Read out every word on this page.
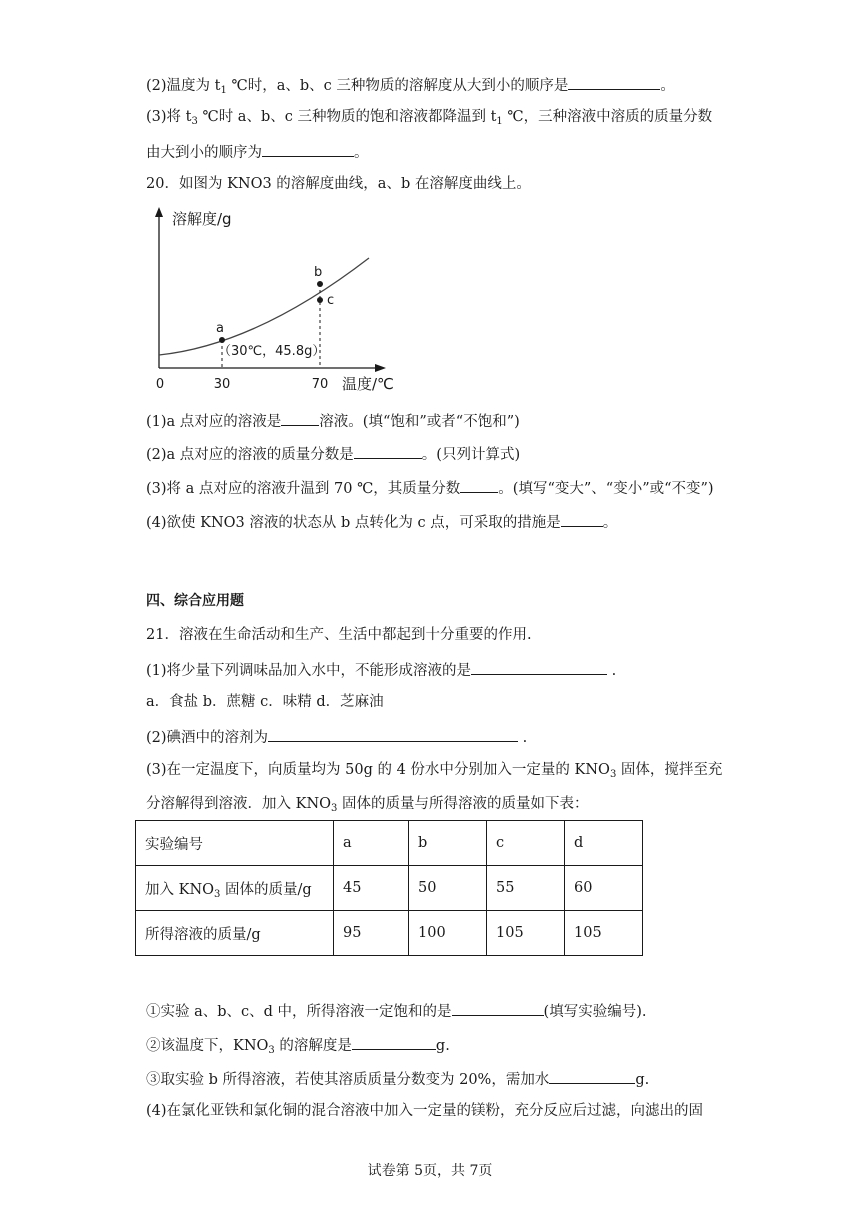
(2)温度为 $t_1$ ℃时，a、b、c 三种物质的溶解度从大到小的顺序是	。
(3)将 $t_3$ ℃时 a、b、c 三种物质的饱和溶液都降温到 $t_1$ ℃，三种溶液中溶质的质量分数
由大到小的顺序为	。
20．如图为 KNO3 的溶解度曲线，a、b 在溶解度曲线上。
溶解度/g
温度/℃
0	30	70
a
b
c
（30℃，45.8g）
(1)a 点对应的溶液是	溶液。(填“饱和”或者“不饱和”)
(2)a 点对应的溶液的质量分数是	。(只列计算式)
(3)将 a 点对应的溶液升温到 70 ℃，其质量分数	。(填写“变大”、“变小”或“不变”)
(4)欲使 KNO3 溶液的状态从 b 点转化为 c 点，可采取的措施是	。
四、综合应用题
21．溶液在生命活动和生产、生活中都起到十分重要的作用.
(1)将少量下列调味品加入水中，不能形成溶液的是	.
a．食盐 b．蔗糖 c．味精 d．芝麻油
(2)碘酒中的溶剂为	.
(3)在一定温度下，向质量均为 50g 的 4 份水中分别加入一定量的 $KNO_3$ 固体，搅拌至充
分溶解得到溶液．加入 $KNO_3$ 固体的质量与所得溶液的质量如下表：
实验编号	a	b	c	d
加入 $KNO_3$ 固体的质量/g	45	50	55	60
所得溶液的质量/g	95	100	105	105
①实验 a、b、c、d 中，所得溶液一定饱和的是	(填写实验编号).
②该温度下，$KNO_3$ 的溶解度是	g.
③取实验 b 所得溶液，若使其溶质质量分数变为 20%，需加水	g.
(4)在氯化亚铁和氯化铜的混合溶液中加入一定量的镁粉，充分反应后过滤，向滤出的固
试卷第 5页，共 7页
